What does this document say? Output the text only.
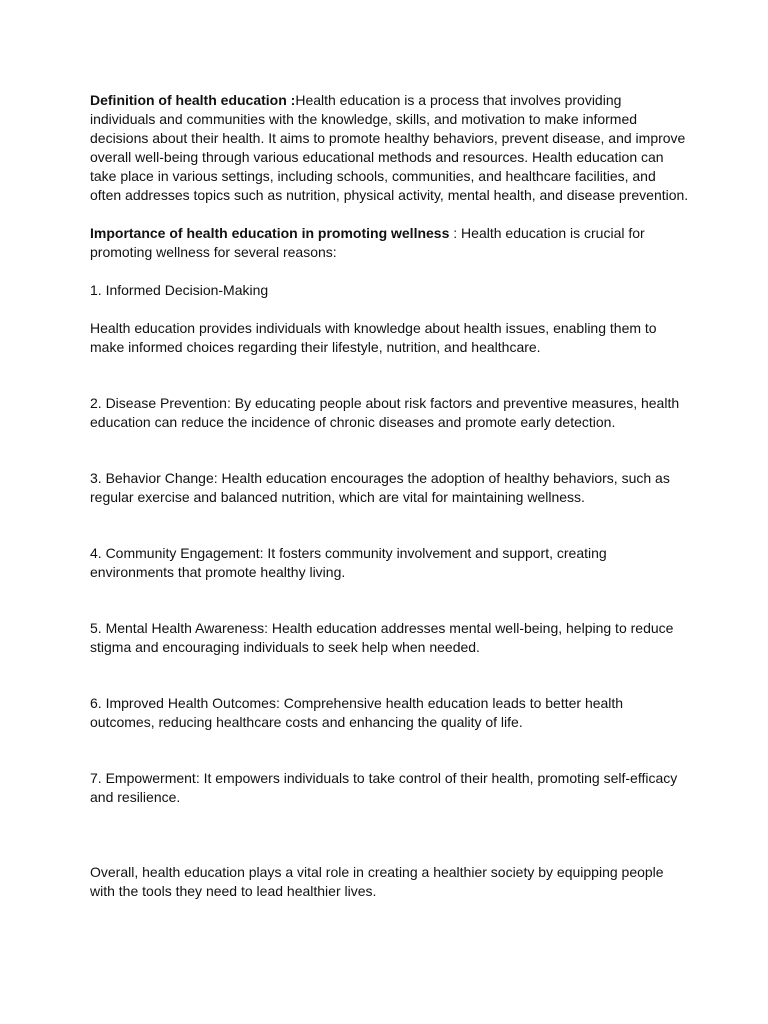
Definition of health education :Health education is a process that involves providing individuals and communities with the knowledge, skills, and motivation to make informed decisions about their health. It aims to promote healthy behaviors, prevent disease, and improve overall well-being through various educational methods and resources. Health education can take place in various settings, including schools, communities, and healthcare facilities, and often addresses topics such as nutrition, physical activity, mental health, and disease prevention.

Importance of health education in promoting wellness : Health education is crucial for promoting wellness for several reasons:

1. Informed Decision-Making

Health education provides individuals with knowledge about health issues, enabling them to make informed choices regarding their lifestyle, nutrition, and healthcare.

2. Disease Prevention: By educating people about risk factors and preventive measures, health education can reduce the incidence of chronic diseases and promote early detection.

3. Behavior Change: Health education encourages the adoption of healthy behaviors, such as regular exercise and balanced nutrition, which are vital for maintaining wellness.

4. Community Engagement: It fosters community involvement and support, creating environments that promote healthy living.

5. Mental Health Awareness: Health education addresses mental well-being, helping to reduce stigma and encouraging individuals to seek help when needed.

6. Improved Health Outcomes: Comprehensive health education leads to better health outcomes, reducing healthcare costs and enhancing the quality of life.

7. Empowerment: It empowers individuals to take control of their health, promoting self-efficacy and resilience.

Overall, health education plays a vital role in creating a healthier society by equipping people with the tools they need to lead healthier lives.
